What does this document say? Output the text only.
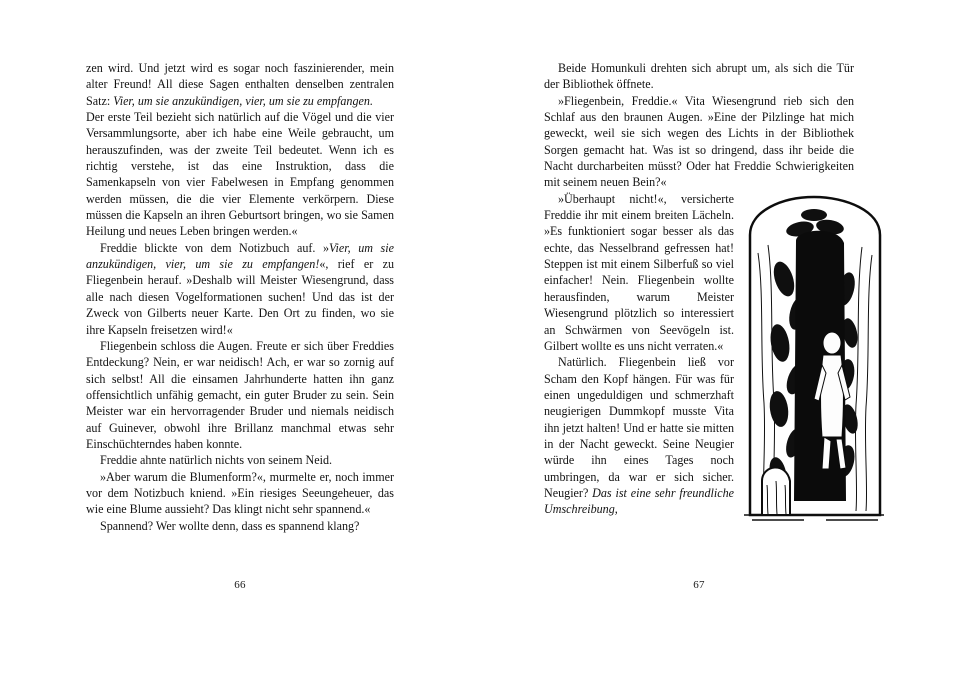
zen wird. Und jetzt wird es sogar noch faszinierender, mein alter Freund! All diese Sagen enthalten denselben zentralen Satz: Vier, um sie anzukündigen, vier, um sie zu empfangen.

Der erste Teil bezieht sich natürlich auf die Vögel und die vier Versammlungsorte, aber ich habe eine Weile gebraucht, um herauszufinden, was der zweite Teil bedeutet. Wenn ich es richtig verstehe, ist das eine Instruktion, dass die Samenkapseln von vier Fabelwesen in Empfang genommen werden müssen, die die vier Elemente verkörpern. Diese müssen die Kapseln an ihren Geburtsort bringen, wo sie Samen Heilung und neues Leben bringen werden.«

Freddie blickte von dem Notizbuch auf. »Vier, um sie anzukündigen, vier, um sie zu empfangen!«, rief er zu Fliegenbein herauf. »Deshalb will Meister Wiesengrund, dass alle nach diesen Vogelformationen suchen! Und das ist der Zweck von Gilberts neuer Karte. Den Ort zu finden, wo sie ihre Kapseln freisetzen wird!«

Fliegenbein schloss die Augen. Freute er sich über Freddies Entdeckung? Nein, er war neidisch! Ach, er war so zornig auf sich selbst! All die einsamen Jahrhunderte hatten ihn ganz offensichtlich unfähig gemacht, ein guter Bruder zu sein. Sein Meister war ein hervorragender Bruder und niemals neidisch auf Guinever, obwohl ihre Brillanz manchmal etwas sehr Einschüchterndes haben konnte.

Freddie ahnte natürlich nichts von seinem Neid.

»Aber warum die Blumenform?«, murmelte er, noch immer vor dem Notizbuch kniend. »Ein riesiges Seeungeheuer, das wie eine Blume aussieht? Das klingt nicht sehr spannend.«

Spannend? Wer wollte denn, dass es spannend klang?

66

Beide Homunkuli drehten sich abrupt um, als sich die Tür der Bibliothek öffnete.

»Fliegenbein, Freddie.« Vita Wiesengrund rieb sich den Schlaf aus den braunen Augen. »Eine der Pilzlinge hat mich geweckt, weil sie sich wegen des Lichts in der Bibliothek Sorgen gemacht hat. Was ist so dringend, dass ihr beide die Nacht durcharbeiten müsst? Oder hat Freddie Schwierigkeiten mit seinem neuen Bein?«

»Überhaupt nicht!«, versicherte Freddie ihr mit einem breiten Lächeln. »Es funktioniert sogar besser als das echte, das Nesselbrand gefressen hat! Steppen ist mit einem Silberfuß so viel einfacher! Nein. Fliegenbein wollte herausfinden, warum Meister Wiesengrund plötzlich so interessiert an Schwärmen von Seevögeln ist. Gilbert wollte es uns nicht verraten.«

Natürlich. Fliegenbein ließ vor Scham den Kopf hängen. Für was für einen ungeduldigen und schmerzhaft neugierigen Dummkopf musste Vita ihn jetzt halten! Und er hatte sie mitten in der Nacht geweckt. Seine Neugier würde ihn eines Tages noch umbringen, da war er sich sicher. Neugier? Das ist eine sehr freundliche Umschreibung,

67
